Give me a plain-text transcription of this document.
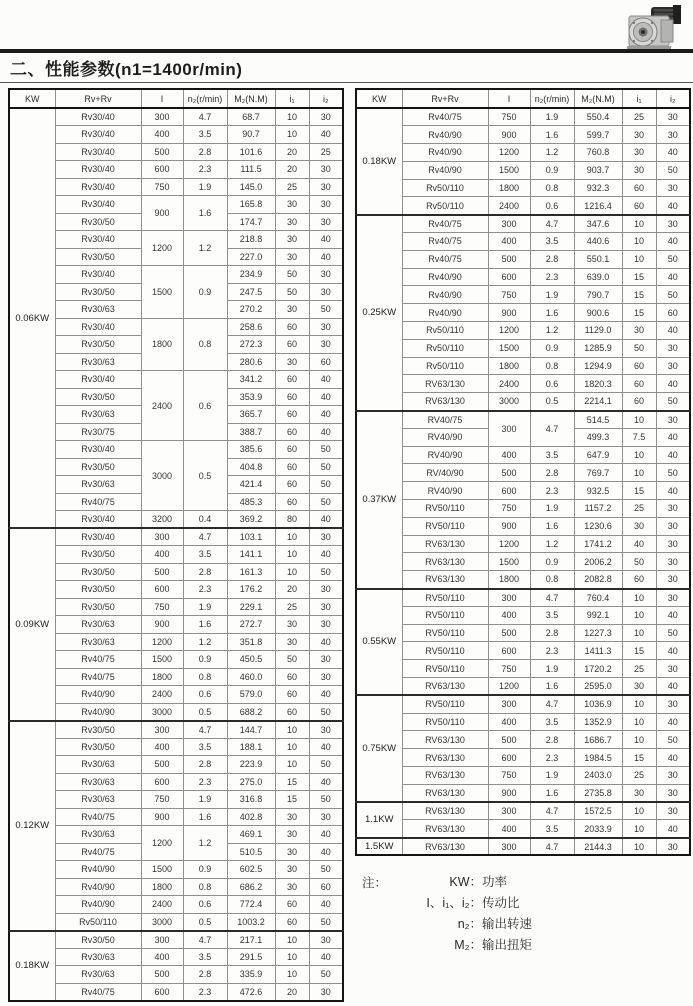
二、性能参数(n1=1400r/min)
KW	Rv+Rv	I	n₂(r/min)	M₂(N.M)	i₁	i₂
0.06KW	Rv30/40	300	4.7	68.7	10	30
	Rv30/40	400	3.5	90.7	10	40
	Rv30/40	500	2.8	101.6	20	25
	Rv30/40	600	2.3	111.5	20	30
	Rv30/40	750	1.9	145.0	25	30
	Rv30/40	900	1.6	165.8	30	30
	Rv30/50			174.7	30	30
	Rv30/40	1200	1.2	218.8	30	40
	Rv30/50			227.0	30	40
	Rv30/40	1500	0.9	234.9	50	30
	Rv30/50			247.5	50	30
	Rv30/63			270.2	30	50
	Rv30/40	1800	0.8	258.6	60	30
	Rv30/50			272.3	60	30
	Rv30/63			280.6	30	60
	Rv30/40	2400	0.6	341.2	60	40
	Rv30/50			353.9	60	40
	Rv30/63			365.7	60	40
	Rv30/75			388.7	60	40
	Rv30/40	3000	0.5	385.6	60	50
	Rv30/50			404.8	60	50
	Rv30/63			421.4	60	50
	Rv40/75			485.3	60	50
	Rv30/40	3200	0.4	369.2	80	40
0.09KW	Rv30/40	300	4.7	103.1	10	30
	Rv30/50	400	3.5	141.1	10	40
	Rv30/50	500	2.8	161.3	10	50
	Rv30/50	600	2.3	176.2	20	30
	Rv30/50	750	1.9	229.1	25	30
	Rv30/63	900	1.6	272.7	30	30
	Rv30/63	1200	1.2	351.8	30	40
	Rv40/75	1500	0.9	450.5	50	30
	Rv40/75	1800	0.8	460.0	60	30
	Rv40/90	2400	0.6	579.0	60	40
	Rv40/90	3000	0.5	688.2	60	50
0.12KW	Rv30/50	300	4.7	144.7	10	30
	Rv30/50	400	3.5	188.1	10	40
	Rv30/63	500	2.8	223.9	10	50
	Rv30/63	600	2.3	275.0	15	40
	Rv30/63	750	1.9	316.8	15	50
	Rv40/75	900	1.6	402.8	30	30
	Rv30/63	1200	1.2	469.1	30	40
	Rv40/75			510.5	30	40
	Rv40/90	1500	0.9	602.5	30	50
	Rv40/90	1800	0.8	686.2	30	60
	Rv40/90	2400	0.6	772.4	60	40
	Rv50/110	3000	0.5	1003.2	60	50
0.18KW	Rv30/50	300	4.7	217.1	10	30
	Rv30/63	400	3.5	291.5	10	40
	Rv30/63	500	2.8	335.9	10	50
	Rv40/75	600	2.3	472.6	20	30
KW	Rv+Rv	I	n₂(r/min)	M₂(N.M)	i₁	i₂
0.18KW	Rv40/75	750	1.9	550.4	25	30
	Rv40/90	900	1.6	599.7	30	30
	Rv40/90	1200	1.2	760.8	30	40
	Rv40/90	1500	0.9	903.7	30	50
	Rv50/110	1800	0.8	932.3	60	30
	Rv50/110	2400	0.6	1216.4	60	40
0.25KW	Rv40/75	300	4.7	347.6	10	30
	Rv40/75	400	3.5	440.6	10	40
	Rv40/75	500	2.8	550.1	10	50
	Rv40/90	600	2.3	639.0	15	40
	Rv40/90	750	1.9	790.7	15	50
	Rv40/90	900	1.6	900.6	15	60
	Rv50/110	1200	1.2	1129.0	30	40
	Rv50/110	1500	0.9	1285.9	50	30
	Rv50/110	1800	0.8	1294.9	60	30
	RV63/130	2400	0.6	1820.3	60	40
	RV63/130	3000	0.5	2214.1	60	50
0.37KW	RV40/75	300	4.7	514.5	10	30
	RV40/90			499.3	7.5	40
	RV40/90	400	3.5	647.9	10	40
	RV/40/90	500	2.8	769.7	10	50
	RV40/90	600	2.3	932.5	15	40
	RV50/110	750	1.9	1157.2	25	30
	RV50/110	900	1.6	1230.6	30	30
	RV63/130	1200	1.2	1741.2	40	30
	RV63/130	1500	0.9	2006.2	50	30
	RV63/130	1800	0.8	2082.8	60	30
0.55KW	RV50/110	300	4.7	760.4	10	30
	RV50/110	400	3.5	992.1	10	40
	RV50/110	500	2.8	1227.3	10	50
	RV50/110	600	2.3	1411.3	15	40
	RV50/110	750	1.9	1720.2	25	30
	RV63/130	1200	1.6	2595.0	30	40
0.75KW	RV50/110	300	4.7	1036.9	10	30
	RV50/110	400	3.5	1352.9	10	40
	RV63/130	500	2.8	1686.7	10	50
	RV63/130	600	2.3	1984.5	15	40
	RV63/130	750	1.9	2403.0	25	30
	RV63/130	900	1.6	2735.8	30	30
1.1KW	RV63/130	300	4.7	1572.5	10	30
	RV63/130	400	3.5	2033.9	10	40
1.5KW	RV63/130	300	4.7	2144.3	10	30
注：	KW： 功率
I、i₁、i₂： 传动比
n₂： 输出转速
M₂： 输出扭矩
